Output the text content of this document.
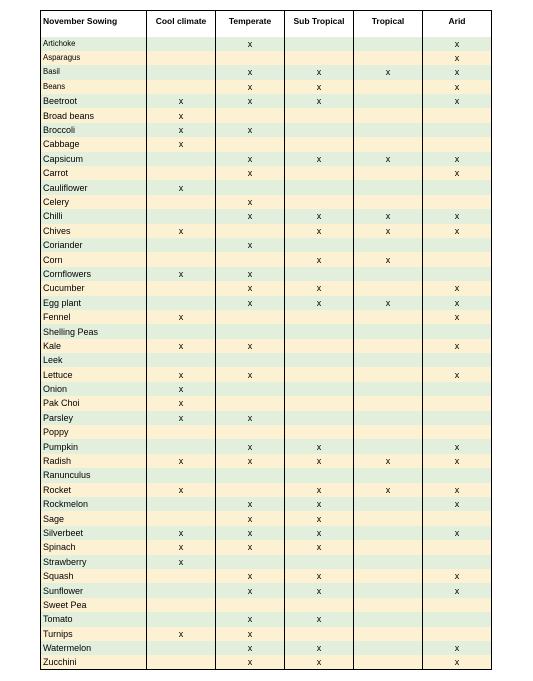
November Sowing	Cool climate	Temperate	Sub Tropical	Tropical	Arid
Artichoke		x			x
Asparagus					x
Basil		x	x	x	x
Beans		x	x		x
Beetroot	x	x	x		x
Broad beans	x				
Broccoli	x	x			
Cabbage	x				
Capsicum		x	x	x	x
Carrot		x			x
Cauliflower	x				
Celery		x			
Chilli		x	x	x	x
Chives	x		x	x	x
Coriander		x			
Corn			x	x	
Cornflowers	x	x			
Cucumber		x	x		x
Egg plant		x	x	x	x
Fennel	x				x
Shelling Peas					
Kale	x	x			x
Leek					
Lettuce	x	x			x
Onion	x				
Pak Choi	x				
Parsley	x	x			
Poppy					
Pumpkin		x	x		x
Radish	x	x	x	x	x
Ranunculus					
Rocket	x		x	x	x
Rockmelon		x	x		x
Sage		x	x		
Silverbeet	x	x	x		x
Spinach	x	x	x		
Strawberry	x				
Squash		x	x		x
Sunflower		x	x		x
Sweet Pea					
Tomato		x	x		
Turnips	x	x			
Watermelon		x	x		x
Zucchini		x	x		x
